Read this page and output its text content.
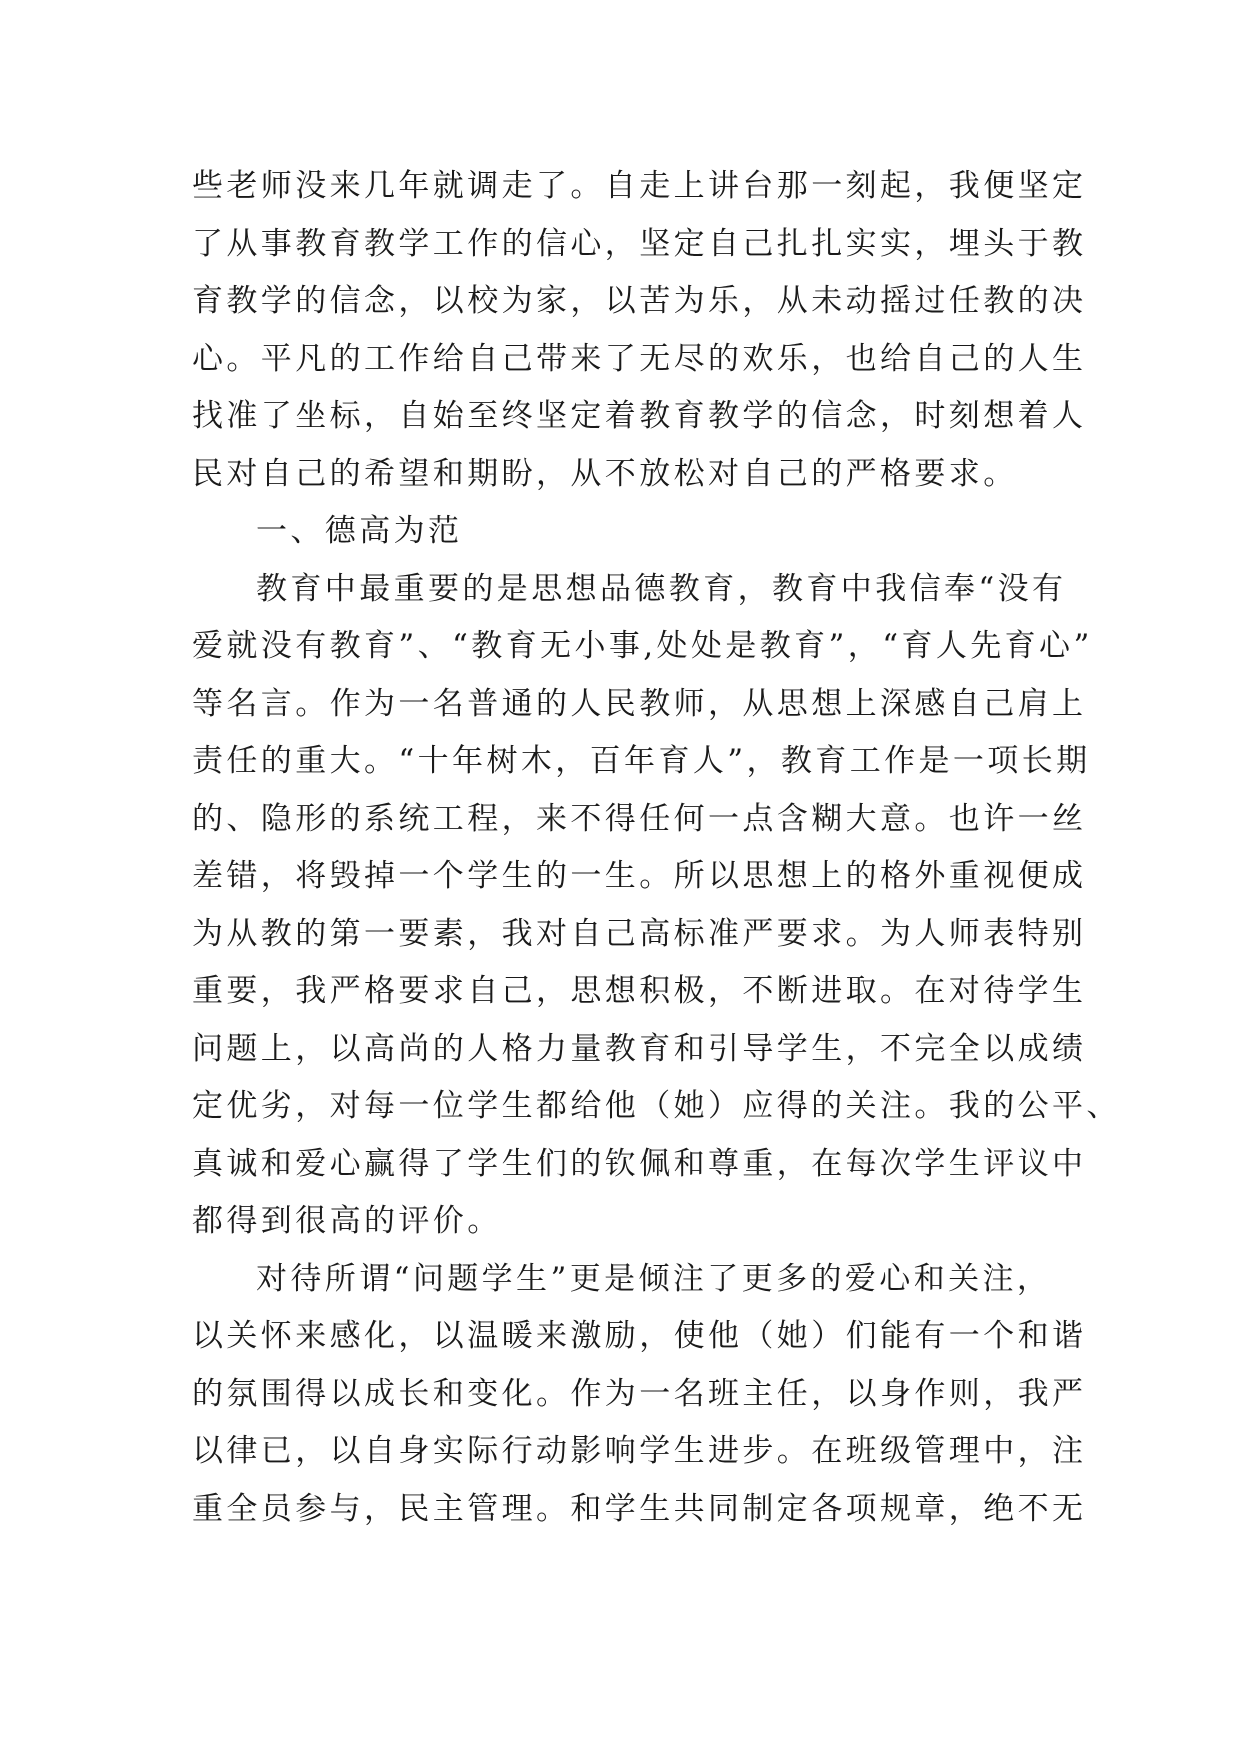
些老师没来几年就调走了。自走上讲台那一刻起，我便坚定
了从事教育教学工作的信心，坚定自己扎扎实实，埋头于教
育教学的信念，以校为家，以苦为乐，从未动摇过任教的决
心。平凡的工作给自己带来了无尽的欢乐，也给自己的人生
找准了坐标，自始至终坚定着教育教学的信念，时刻想着人
民对自己的希望和期盼，从不放松对自己的严格要求。
一、德高为范
教育中最重要的是思想品德教育，教育中我信奉“没有
爱就没有教育”、“教育无小事,处处是教育”，“育人先育心”
等名言。作为一名普通的人民教师，从思想上深感自己肩上
责任的重大。“十年树木，百年育人”，教育工作是一项长期
的、隐形的系统工程，来不得任何一点含糊大意。也许一丝
差错，将毁掉一个学生的一生。所以思想上的格外重视便成
为从教的第一要素，我对自己高标准严要求。为人师表特别
重要，我严格要求自己，思想积极，不断进取。在对待学生
问题上，以高尚的人格力量教育和引导学生，不完全以成绩
定优劣，对每一位学生都给他（她）应得的关注。我的公平、
真诚和爱心赢得了学生们的钦佩和尊重，在每次学生评议中
都得到很高的评价。
对待所谓“问题学生”更是倾注了更多的爱心和关注，
以关怀来感化，以温暖来激励，使他（她）们能有一个和谐
的氛围得以成长和变化。作为一名班主任，以身作则，我严
以律已，以自身实际行动影响学生进步。在班级管理中，注
重全员参与，民主管理。和学生共同制定各项规章，绝不无
